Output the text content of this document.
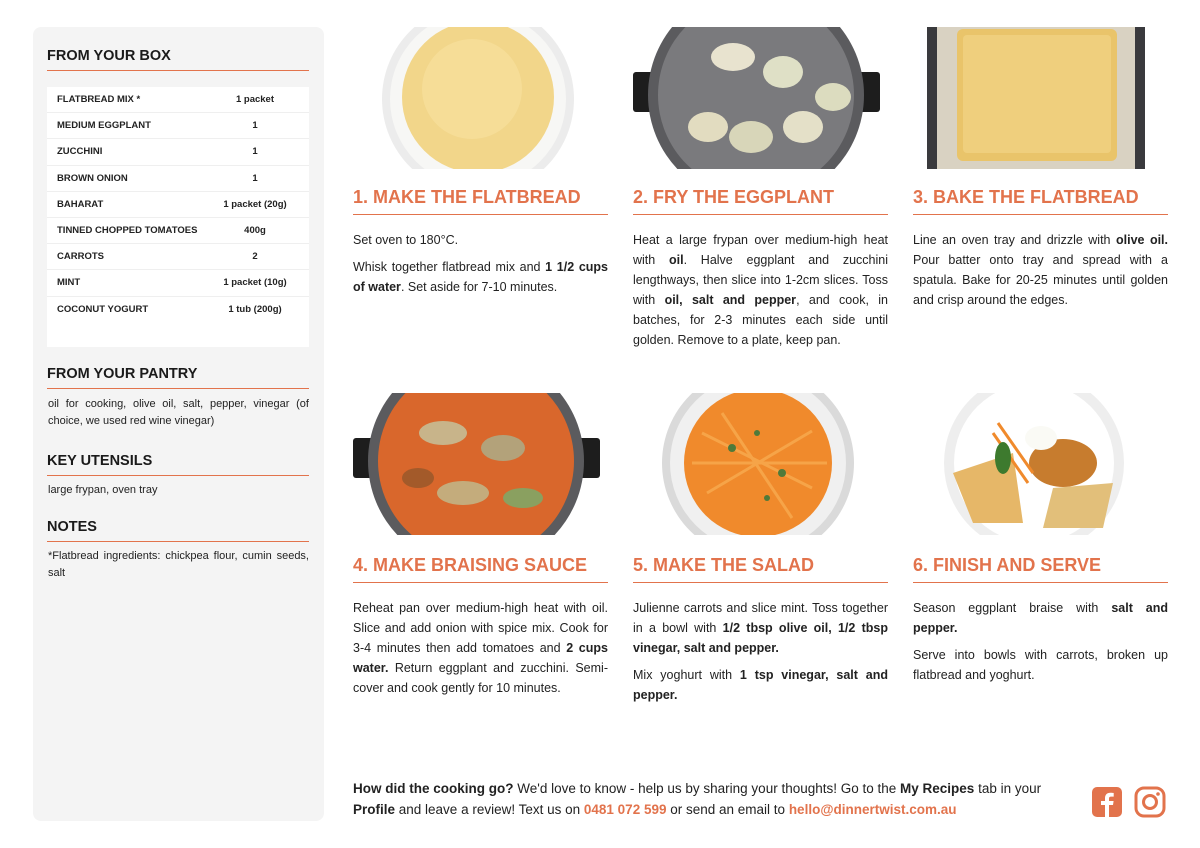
FROM YOUR BOX
FLATBREAD MIX *	1 packet
MEDIUM EGGPLANT	1
ZUCCHINI	1
BROWN ONION	1
BAHARAT	1 packet (20g)
TINNED CHOPPED TOMATOES	400g
CARROTS	2
MINT	1 packet (10g)
COCONUT YOGURT	1 tub (200g)
FROM YOUR PANTRY
oil for cooking, olive oil, salt, pepper, vinegar (of choice, we used red wine vinegar)
KEY UTENSILS
large frypan, oven tray
NOTES
*Flatbread ingredients: chickpea flour, cumin seeds, salt
1. MAKE THE FLATBREAD

Set oven to 180°C.

Whisk together flatbread mix and 1 1/2 cups of water. Set aside for 7-10 minutes.

2. FRY THE EGGPLANT

Heat a large frypan over medium-high heat with oil. Halve eggplant and zucchini lengthways, then slice into 1-2cm slices. Toss with oil, salt and pepper, and cook, in batches, for 2-3 minutes each side until golden. Remove to a plate, keep pan.

3. BAKE THE FLATBREAD

Line an oven tray and drizzle with olive oil. Pour batter onto tray and spread with a spatula. Bake for 20-25 minutes until golden and crisp around the edges.

4. MAKE BRAISING SAUCE

Reheat pan over medium-high heat with oil. Slice and add onion with spice mix. Cook for 3-4 minutes then add tomatoes and 2 cups water. Return eggplant and zucchini. Semi-cover and cook gently for 10 minutes.

5. MAKE THE SALAD

Julienne carrots and slice mint. Toss together in a bowl with 1/2 tbsp olive oil, 1/2 tbsp vinegar, salt and pepper.

Mix yoghurt with 1 tsp vinegar, salt and pepper.

6. FINISH AND SERVE

Season eggplant braise with salt and pepper.

Serve into bowls with carrots, broken up flatbread and yoghurt.

How did the cooking go? We'd love to know - help us by sharing your thoughts! Go to the My Recipes tab in your Profile and leave a review! Text us on 0481 072 599 or send an email to hello@dinnertwist.com.au
